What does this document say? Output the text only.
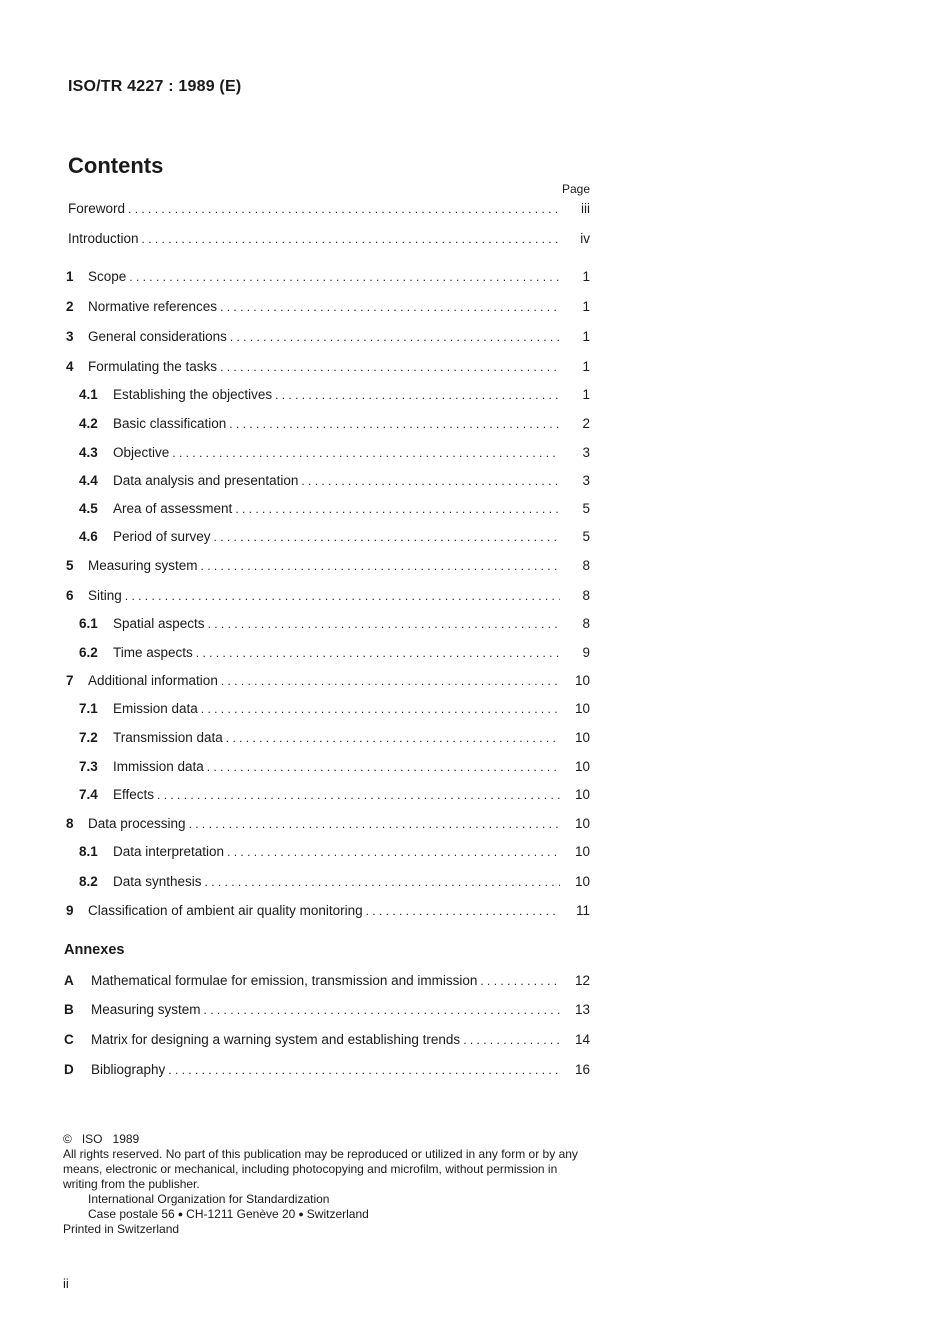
ISO/TR 4227 : 1989 (E)
Contents
Page
Foreword . . .	iii
Introduction . . .	iv
1	Scope . . .	1
2	Normative references . . .	1
3	General considerations . . .	1
4	Formulating the tasks . . .	1
4.1	Establishing the objectives . . .	1
4.2	Basic classification . . .	2
4.3	Objective . . .	3
4.4	Data analysis and presentation . . .	3
4.5	Area of assessment . . .	5
4.6	Period of survey . . .	5
5	Measuring system . . .	8
6	Siting . . .	8
6.1	Spatial aspects . . .	8
6.2	Time aspects . . .	9
7	Additional information . . .	10
7.1	Emission data . . .	10
7.2	Transmission data . . .	10
7.3	Immission data . . .	10
7.4	Effects . . .	10
8	Data processing . . .	10
8.1	Data interpretation . . .	10
8.2	Data synthesis . . .	10
9	Classification of ambient air quality monitoring . . .	11
Annexes
A	Mathematical formulae for emission, transmission and immission . . .	12
B	Measuring system . . .	13
C	Matrix for designing a warning system and establishing trends . . .	14
D	Bibliography . . .	16
©   ISO   1989
All rights reserved. No part of this publication may be reproduced or utilized in any form or by any means, electronic or mechanical, including photocopying and microfilm, without permission in writing from the publisher.
International Organization for Standardization
Case postale 56 ● CH-1211 Genève 20 ● Switzerland
Printed in Switzerland
ii
